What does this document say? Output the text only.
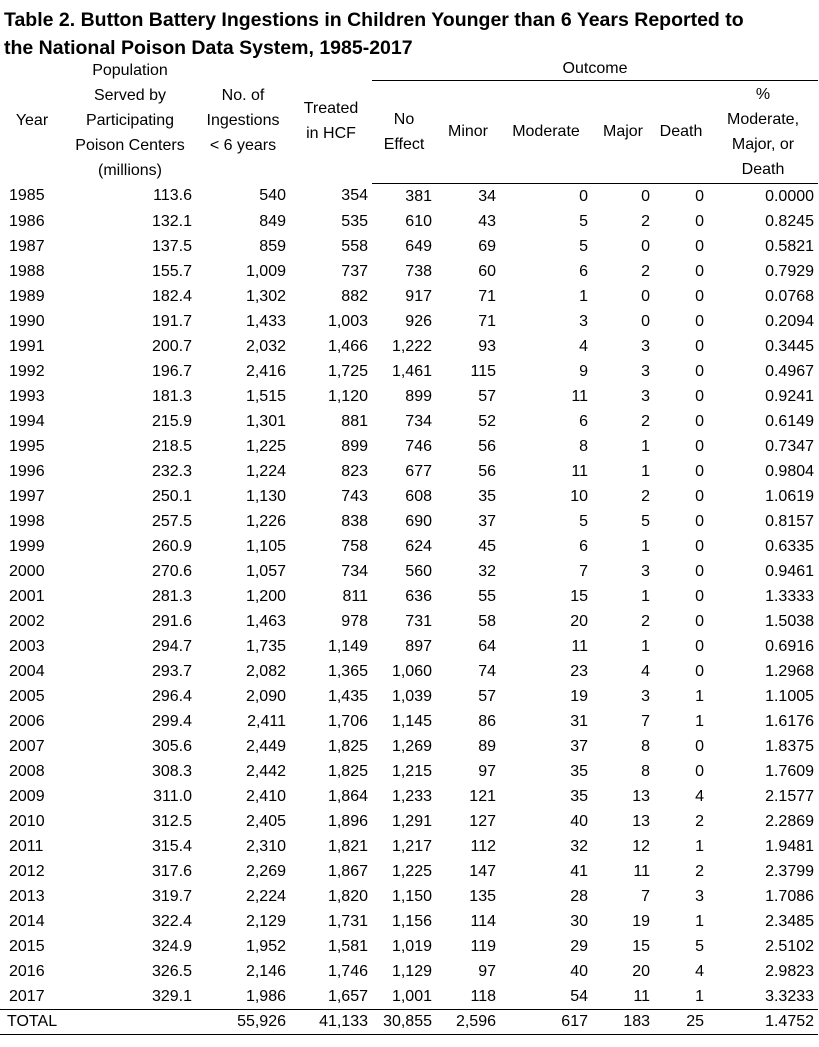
Table 2. Button Battery Ingestions in Children Younger than 6 Years Reported to
the National Poison Data System, 1985-2017
Year	Population
Served by
Participating
Poison Centers
(millions)	No. of
Ingestions
< 6 years	Treated
in HCF	Outcome					

				No
Effect	Minor	Moderate	Major	Death	%
Moderate,
Major, or
Death

1985	113.6	540	354	381	34	0	0	0	0.0000
1986	132.1	849	535	610	43	5	2	0	0.8245
1987	137.5	859	558	649	69	5	0	0	0.5821
1988	155.7	1,009	737	738	60	6	2	0	0.7929
1989	182.4	1,302	882	917	71	1	0	0	0.0768
1990	191.7	1,433	1,003	926	71	3	0	0	0.2094
1991	200.7	2,032	1,466	1,222	93	4	3	0	0.3445
1992	196.7	2,416	1,725	1,461	115	9	3	0	0.4967
1993	181.3	1,515	1,120	899	57	11	3	0	0.9241
1994	215.9	1,301	881	734	52	6	2	0	0.6149
1995	218.5	1,225	899	746	56	8	1	0	0.7347
1996	232.3	1,224	823	677	56	11	1	0	0.9804
1997	250.1	1,130	743	608	35	10	2	0	1.0619
1998	257.5	1,226	838	690	37	5	5	0	0.8157
1999	260.9	1,105	758	624	45	6	1	0	0.6335
2000	270.6	1,057	734	560	32	7	3	0	0.9461
2001	281.3	1,200	811	636	55	15	1	0	1.3333
2002	291.6	1,463	978	731	58	20	2	0	1.5038
2003	294.7	1,735	1,149	897	64	11	1	0	0.6916
2004	293.7	2,082	1,365	1,060	74	23	4	0	1.2968
2005	296.4	2,090	1,435	1,039	57	19	3	1	1.1005
2006	299.4	2,411	1,706	1,145	86	31	7	1	1.6176
2007	305.6	2,449	1,825	1,269	89	37	8	0	1.8375
2008	308.3	2,442	1,825	1,215	97	35	8	0	1.7609
2009	311.0	2,410	1,864	1,233	121	35	13	4	2.1577
2010	312.5	2,405	1,896	1,291	127	40	13	2	2.2869
2011	315.4	2,310	1,821	1,217	112	32	12	1	1.9481
2012	317.6	2,269	1,867	1,225	147	41	11	2	2.3799
2013	319.7	2,224	1,820	1,150	135	28	7	3	1.7086
2014	322.4	2,129	1,731	1,156	114	30	19	1	2.3485
2015	324.9	1,952	1,581	1,019	119	29	15	5	2.5102
2016	326.5	2,146	1,746	1,129	97	40	20	4	2.9823
2017	329.1	1,986	1,657	1,001	118	54	11	1	3.3233
TOTAL		55,926	41,133	30,855	2,596	617	183	25	1.4752
